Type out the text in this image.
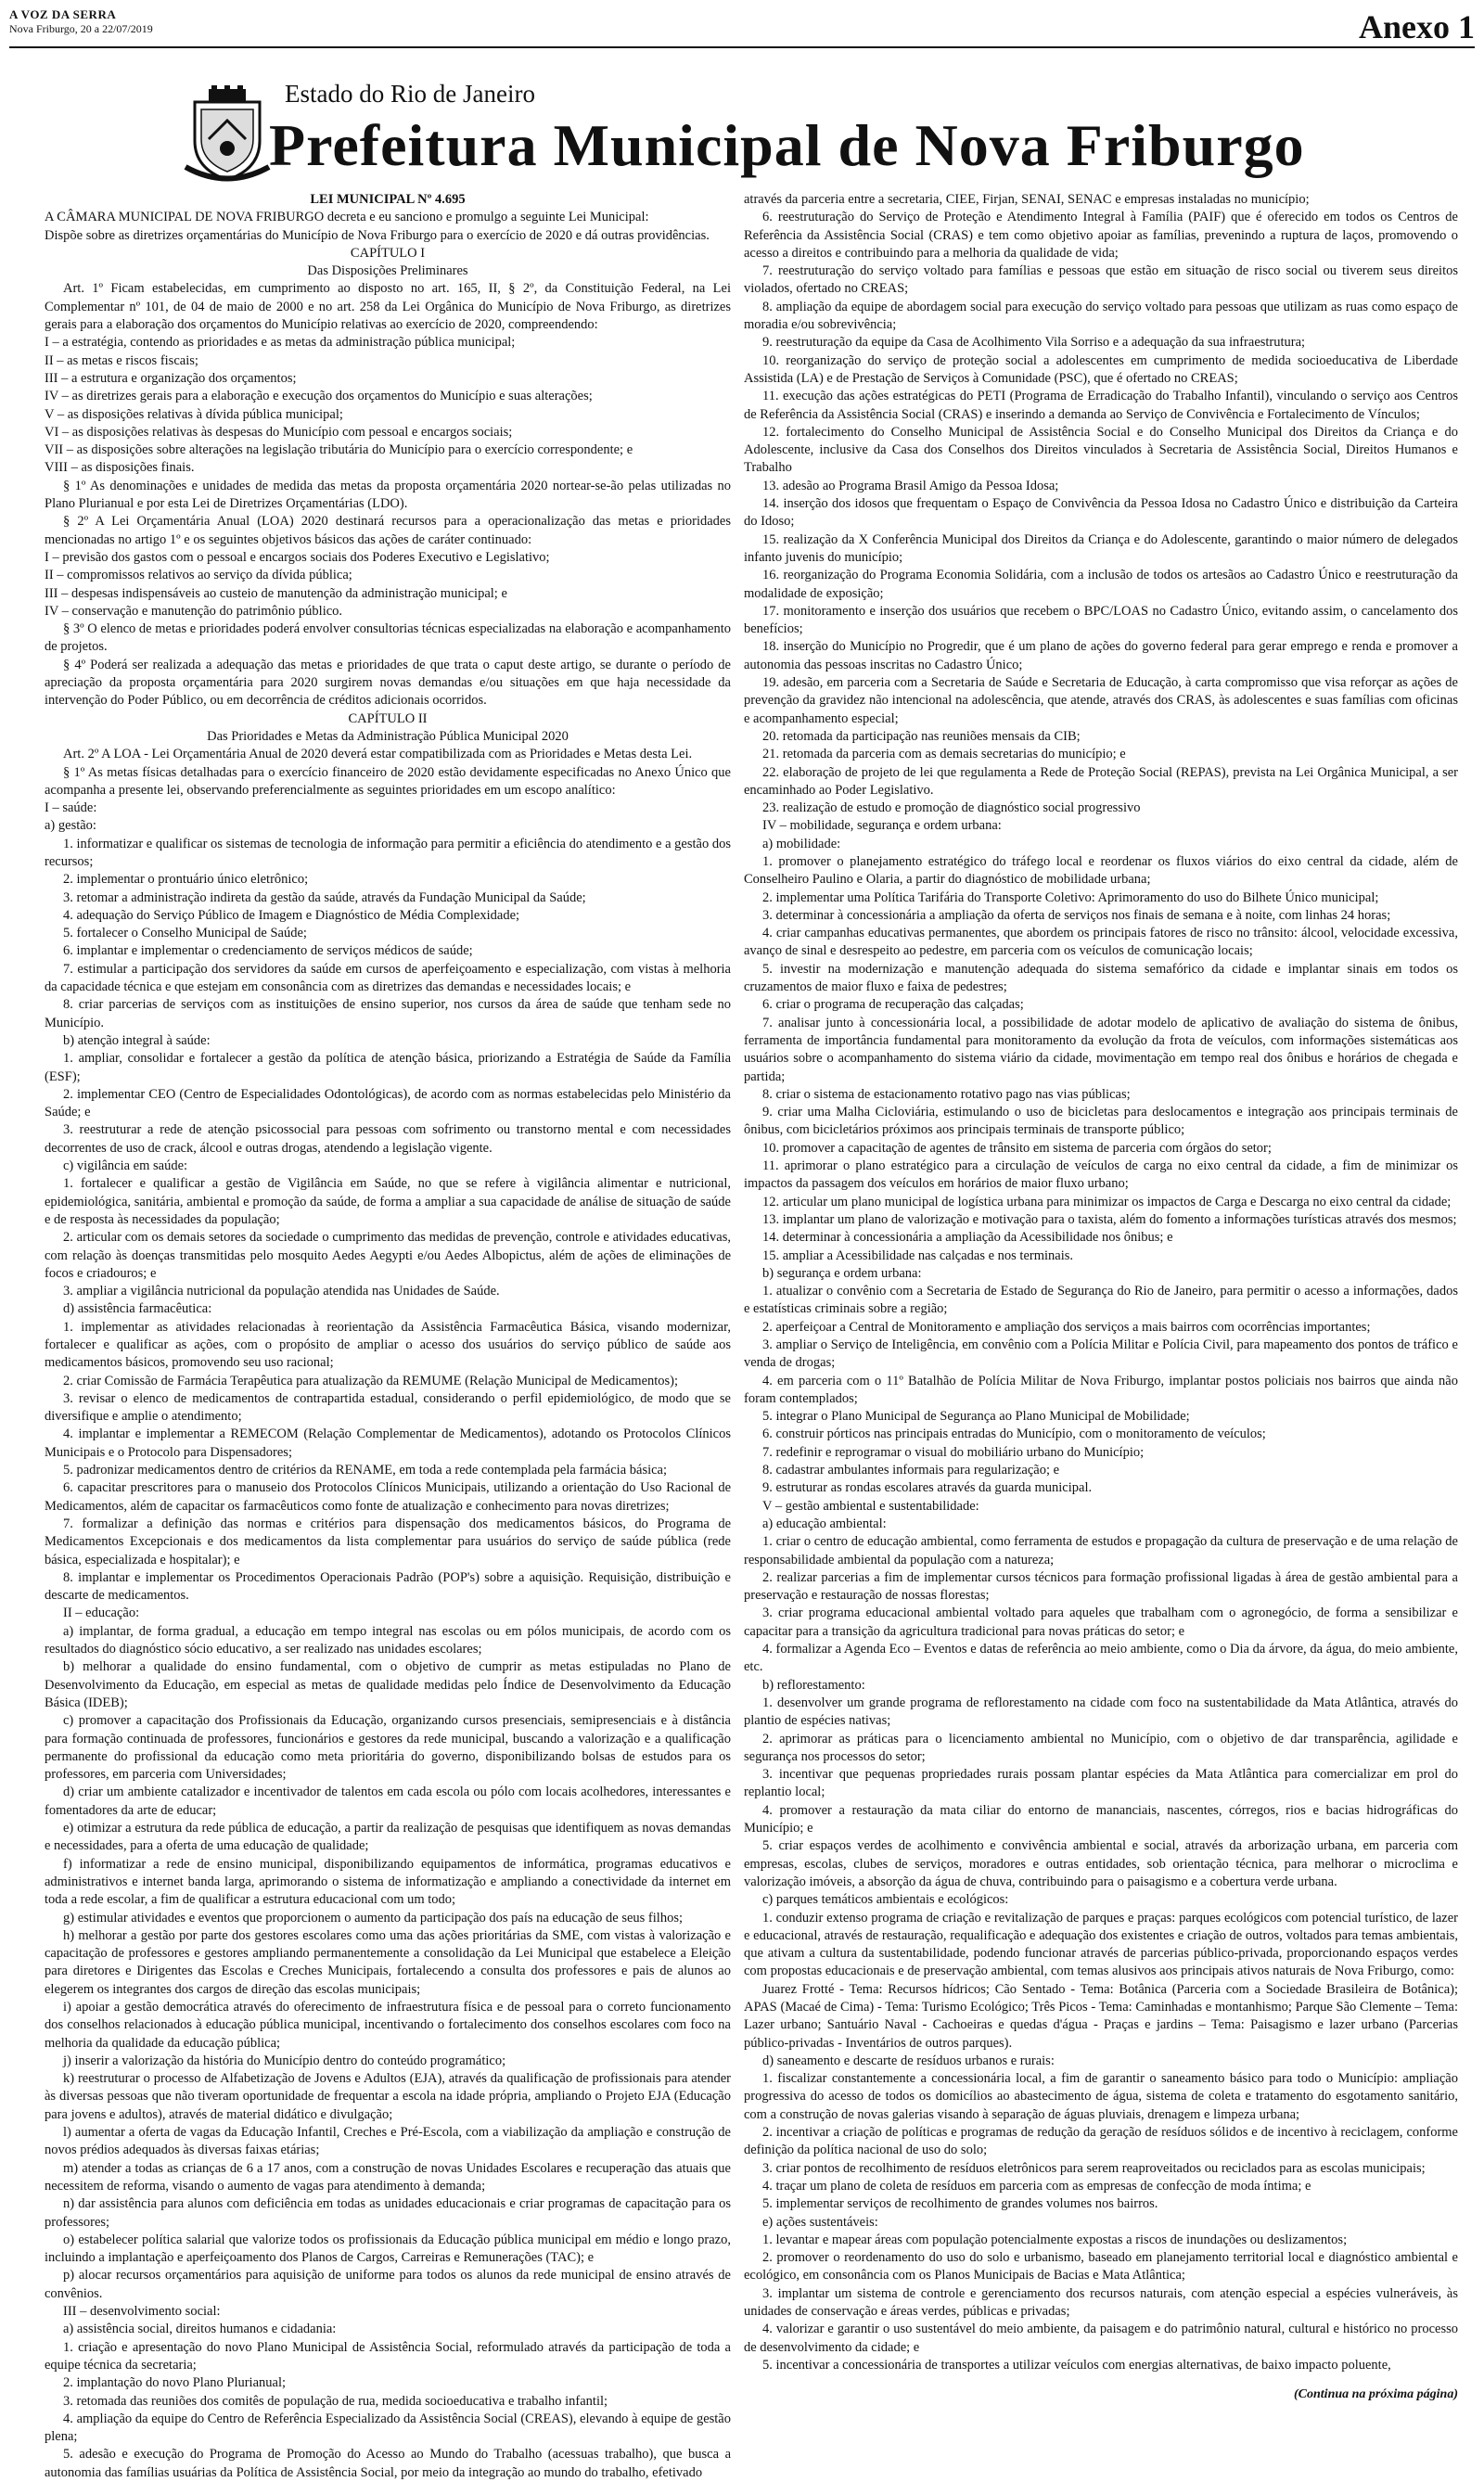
A VOZ DA SERRA
Nova Friburgo, 20 a 22/07/2019	Anexo 1
Estado do Rio de Janeiro
Prefeitura Municipal de Nova Friburgo

LEI MUNICIPAL Nº 4.695

A CÂMARA MUNICIPAL DE NOVA FRIBURGO decreta e eu sanciono e promulgo a seguinte Lei Municipal:

Dispõe sobre as diretrizes orçamentárias do Município de Nova Friburgo para o exercício de 2020 e dá outras providências.

CAPÍTULO I

Das Disposições Preliminares

Art. 1º Ficam estabelecidas, em cumprimento ao disposto no art. 165, II, § 2º, da Constituição Federal, na Lei Complementar nº 101, de 04 de maio de 2000 e no art. 258 da Lei Orgânica do Município de Nova Friburgo, as diretrizes gerais para a elaboração dos orçamentos do Município relativas ao exercício de 2020, compreendendo:

I – a estratégia, contendo as prioridades e as metas da administração pública municipal;

II – as metas e riscos fiscais;

III – a estrutura e organização dos orçamentos;

IV – as diretrizes gerais para a elaboração e execução dos orçamentos do Município e suas alterações;

V – as disposições relativas à dívida pública municipal;

VI – as disposições relativas às despesas do Município com pessoal e encargos sociais;

VII – as disposições sobre alterações na legislação tributária do Município para o exercício correspondente; e

VIII – as disposições finais.

§ 1º As denominações e unidades de medida das metas da proposta orçamentária 2020 nortear-se-ão pelas utilizadas no Plano Plurianual e por esta Lei de Diretrizes Orçamentárias (LDO).

§ 2º A Lei Orçamentária Anual (LOA) 2020 destinará recursos para a operacionalização das metas e prioridades mencionadas no artigo 1º e os seguintes objetivos básicos das ações de caráter continuado:

I – previsão dos gastos com o pessoal e encargos sociais dos Poderes Executivo e Legislativo;

II – compromissos relativos ao serviço da dívida pública;

III – despesas indispensáveis ao custeio de manutenção da administração municipal; e

IV – conservação e manutenção do patrimônio público.

§ 3º O elenco de metas e prioridades poderá envolver consultorias técnicas especializadas na elaboração e acompanhamento de projetos.

§ 4º Poderá ser realizada a adequação das metas e prioridades de que trata o caput deste artigo, se durante o período de apreciação da proposta orçamentária para 2020 surgirem novas demandas e/ou situações em que haja necessidade da intervenção do Poder Público, ou em decorrência de créditos adicionais ocorridos.

CAPÍTULO II

Das Prioridades e Metas da Administração Pública Municipal 2020

Art. 2º A LOA - Lei Orçamentária Anual de 2020 deverá estar compatibilizada com as Prioridades e Metas desta Lei.

§ 1º As metas físicas detalhadas para o exercício financeiro de 2020 estão devidamente especificadas no Anexo Único que acompanha a presente lei, observando preferencialmente as seguintes prioridades em um escopo analítico:

I – saúde:

a) gestão:

1. informatizar e qualificar os sistemas de tecnologia de informação para permitir a eficiência do atendimento e a gestão dos recursos;

2. implementar o prontuário único eletrônico;

3. retomar a administração indireta da gestão da saúde, através da Fundação Municipal da Saúde;

4. adequação do Serviço Público de Imagem e Diagnóstico de Média Complexidade;

5. fortalecer o Conselho Municipal de Saúde;

6. implantar e implementar o credenciamento de serviços médicos de saúde;

7. estimular a participação dos servidores da saúde em cursos de aperfeiçoamento e especialização, com vistas à melhoria da capacidade técnica e que estejam em consonância com as diretrizes das demandas e necessidades locais; e

8. criar parcerias de serviços com as instituições de ensino superior, nos cursos da área de saúde que tenham sede no Município.

b) atenção integral à saúde:

1. ampliar, consolidar e fortalecer a gestão da política de atenção básica, priorizando a Estratégia de Saúde da Família (ESF);

2. implementar CEO (Centro de Especialidades Odontológicas), de acordo com as normas estabelecidas pelo Ministério da Saúde; e

3. reestruturar a rede de atenção psicossocial para pessoas com sofrimento ou transtorno mental e com necessidades decorrentes de uso de crack, álcool e outras drogas, atendendo a legislação vigente.

c) vigilância em saúde:

1. fortalecer e qualificar a gestão de Vigilância em Saúde, no que se refere à vigilância alimentar e nutricional, epidemiológica, sanitária, ambiental e promoção da saúde, de forma a ampliar a sua capacidade de análise de situação de saúde e de resposta às necessidades da população;

2. articular com os demais setores da sociedade o cumprimento das medidas de prevenção, controle e atividades educativas, com relação às doenças transmitidas pelo mosquito Aedes Aegypti e/ou Aedes Albopictus, além de ações de eliminações de focos e criadouros; e

3. ampliar a vigilância nutricional da população atendida nas Unidades de Saúde.

d) assistência farmacêutica:

1. implementar as atividades relacionadas à reorientação da Assistência Farmacêutica Básica, visando modernizar, fortalecer e qualificar as ações, com o propósito de ampliar o acesso dos usuários do serviço público de saúde aos medicamentos básicos, promovendo seu uso racional;

2. criar Comissão de Farmácia Terapêutica para atualização da REMUME (Relação Municipal de Medicamentos);

3. revisar o elenco de medicamentos de contrapartida estadual, considerando o perfil epidemiológico, de modo que se diversifique e amplie o atendimento;

4. implantar e implementar a REMECOM (Relação Complementar de Medicamentos), adotando os Protocolos Clínicos Municipais e o Protocolo para Dispensadores;

5. padronizar medicamentos dentro de critérios da RENAME, em toda a rede contemplada pela farmácia básica;

6. capacitar prescritores para o manuseio dos Protocolos Clínicos Municipais, utilizando a orientação do Uso Racional de Medicamentos, além de capacitar os farmacêuticos como fonte de atualização e conhecimento para novas diretrizes;

7. formalizar a definição das normas e critérios para dispensação dos medicamentos básicos, do Programa de Medicamentos Excepcionais e dos medicamentos da lista complementar para usuários do serviço de saúde pública (rede básica, especializada e hospitalar); e

8. implantar e implementar os Procedimentos Operacionais Padrão (POP's) sobre a aquisição. Requisição, distribuição e descarte de medicamentos.

II – educação:

a) implantar, de forma gradual, a educação em tempo integral nas escolas ou em pólos municipais, de acordo com os resultados do diagnóstico sócio educativo, a ser realizado nas unidades escolares;

b) melhorar a qualidade do ensino fundamental, com o objetivo de cumprir as metas estipuladas no Plano de Desenvolvimento da Educação, em especial as metas de qualidade medidas pelo Índice de Desenvolvimento da Educação Básica (IDEB);

c) promover a capacitação dos Profissionais da Educação, organizando cursos presenciais, semipresenciais e à distância para formação continuada de professores, funcionários e gestores da rede municipal, buscando a valorização e a qualificação permanente do profissional da educação como meta prioritária do governo, disponibilizando bolsas de estudos para os professores, em parceria com Universidades;

d) criar um ambiente catalizador e incentivador de talentos em cada escola ou pólo com locais acolhedores, interessantes e fomentadores da arte de educar;

e) otimizar a estrutura da rede pública de educação, a partir da realização de pesquisas que identifiquem as novas demandas e necessidades, para a oferta de uma educação de qualidade;

f) informatizar a rede de ensino municipal, disponibilizando equipamentos de informática, programas educativos e administrativos e internet banda larga, aprimorando o sistema de informatização e ampliando a conectividade da internet em toda a rede escolar, a fim de qualificar a estrutura educacional com um todo;

g) estimular atividades e eventos que proporcionem o aumento da participação dos país na educação de seus filhos;

h) melhorar a gestão por parte dos gestores escolares como uma das ações prioritárias da SME, com vistas à valorização e capacitação de professores e gestores ampliando permanentemente a consolidação da Lei Municipal que estabelece a Eleição para diretores e Dirigentes das Escolas e Creches Municipais, fortalecendo a consulta dos professores e pais de alunos ao elegerem os integrantes dos cargos de direção das escolas municipais;

i) apoiar a gestão democrática através do oferecimento de infraestrutura física e de pessoal para o correto funcionamento dos conselhos relacionados à educação pública municipal, incentivando o fortalecimento dos conselhos escolares com foco na melhoria da qualidade da educação pública;

j) inserir a valorização da história do Município dentro do conteúdo programático;

k) reestruturar o processo de Alfabetização de Jovens e Adultos (EJA), através da qualificação de profissionais para atender às diversas pessoas que não tiveram oportunidade de frequentar a escola na idade própria, ampliando o Projeto EJA (Educação para jovens e adultos), através de material didático e divulgação;

l) aumentar a oferta de vagas da Educação Infantil, Creches e Pré-Escola, com a viabilização da ampliação e construção de novos prédios adequados às diversas faixas etárias;

m) atender a todas as crianças de 6 a 17 anos, com a construção de novas Unidades Escolares e recuperação das atuais que necessitem de reforma, visando o aumento de vagas para atendimento à demanda;

n) dar assistência para alunos com deficiência em todas as unidades educacionais e criar programas de capacitação para os professores;

o) estabelecer política salarial que valorize todos os profissionais da Educação pública municipal em médio e longo prazo, incluindo a implantação e aperfeiçoamento dos Planos de Cargos, Carreiras e Remunerações (TAC); e

p) alocar recursos orçamentários para aquisição de uniforme para todos os alunos da rede municipal de ensino através de convênios.

III – desenvolvimento social:

a) assistência social, direitos humanos e cidadania:

1. criação e apresentação do novo Plano Municipal de Assistência Social, reformulado através da participação de toda a equipe técnica da secretaria;

2. implantação do novo Plano Plurianual;

3. retomada das reuniões dos comitês de população de rua, medida socioeducativa e trabalho infantil;

4. ampliação da equipe do Centro de Referência Especializado da Assistência Social (CREAS), elevando à equipe de gestão plena;

5. adesão e execução do Programa de Promoção do Acesso ao Mundo do Trabalho (acessuas trabalho), que busca a autonomia das famílias usuárias da Política de Assistência Social, por meio da integração ao mundo do trabalho, efetivado

através da parceria entre a secretaria, CIEE, Firjan, SENAI, SENAC e empresas instaladas no município;

6. reestruturação do Serviço de Proteção e Atendimento Integral à Família (PAIF) que é oferecido em todos os Centros de Referência da Assistência Social (CRAS) e tem como objetivo apoiar as famílias, prevenindo a ruptura de laços, promovendo o acesso a direitos e contribuindo para a melhoria da qualidade de vida;

7. reestruturação do serviço voltado para famílias e pessoas que estão em situação de risco social ou tiverem seus direitos violados, ofertado no CREAS;

8. ampliação da equipe de abordagem social para execução do serviço voltado para pessoas que utilizam as ruas como espaço de moradia e/ou sobrevivência;

9. reestruturação da equipe da Casa de Acolhimento Vila Sorriso e a adequação da sua infraestrutura;

10. reorganização do serviço de proteção social a adolescentes em cumprimento de medida socioeducativa de Liberdade Assistida (LA) e de Prestação de Serviços à Comunidade (PSC), que é ofertado no CREAS;

11. execução das ações estratégicas do PETI (Programa de Erradicação do Trabalho Infantil), vinculando o serviço aos Centros de Referência da Assistência Social (CRAS) e inserindo a demanda ao Serviço de Convivência e Fortalecimento de Vínculos;

12. fortalecimento do Conselho Municipal de Assistência Social e do Conselho Municipal dos Direitos da Criança e do Adolescente, inclusive da Casa dos Conselhos dos Direitos vinculados à Secretaria de Assistência Social, Direitos Humanos e Trabalho

13. adesão ao Programa Brasil Amigo da Pessoa Idosa;

14. inserção dos idosos que frequentam o Espaço de Convivência da Pessoa Idosa no Cadastro Único e distribuição da Carteira do Idoso;

15. realização da X Conferência Municipal dos Direitos da Criança e do Adolescente, garantindo o maior número de delegados infanto juvenis do município;

16. reorganização do Programa Economia Solidária, com a inclusão de todos os artesãos ao Cadastro Único e reestruturação da modalidade de exposição;

17. monitoramento e inserção dos usuários que recebem o BPC/LOAS no Cadastro Único, evitando assim, o cancelamento dos benefícios;

18. inserção do Município no Progredir, que é um plano de ações do governo federal para gerar emprego e renda e promover a autonomia das pessoas inscritas no Cadastro Único;

19. adesão, em parceria com a Secretaria de Saúde e Secretaria de Educação, à carta compromisso que visa reforçar as ações de prevenção da gravidez não intencional na adolescência, que atende, através dos CRAS, às adolescentes e suas famílias com oficinas e acompanhamento especial;

20. retomada da participação nas reuniões mensais da CIB;

21. retomada da parceria com as demais secretarias do município; e

22. elaboração de projeto de lei que regulamenta a Rede de Proteção Social (REPAS), prevista na Lei Orgânica Municipal, a ser encaminhado ao Poder Legislativo.

23. realização de estudo e promoção de diagnóstico social progressivo

IV – mobilidade, segurança e ordem urbana:

a) mobilidade:

1. promover o planejamento estratégico do tráfego local e reordenar os fluxos viários do eixo central da cidade, além de Conselheiro Paulino e Olaria, a partir do diagnóstico de mobilidade urbana;

2. implementar uma Política Tarifária do Transporte Coletivo: Aprimoramento do uso do Bilhete Único municipal;

3. determinar à concessionária a ampliação da oferta de serviços nos finais de semana e à noite, com linhas 24 horas;

4. criar campanhas educativas permanentes, que abordem os principais fatores de risco no trânsito: álcool, velocidade excessiva, avanço de sinal e desrespeito ao pedestre, em parceria com os veículos de comunicação locais;

5. investir na modernização e manutenção adequada do sistema semafórico da cidade e implantar sinais em todos os cruzamentos de maior fluxo e faixa de pedestres;

6. criar o programa de recuperação das calçadas;

7. analisar junto à concessionária local, a possibilidade de adotar modelo de aplicativo de avaliação do sistema de ônibus, ferramenta de importância fundamental para monitoramento da evolução da frota de veículos, com informações sistemáticas aos usuários sobre o acompanhamento do sistema viário da cidade, movimentação em tempo real dos ônibus e horários de chegada e partida;

8. criar o sistema de estacionamento rotativo pago nas vias públicas;

9. criar uma Malha Cicloviária, estimulando o uso de bicicletas para deslocamentos e integração aos principais terminais de ônibus, com bicicletários próximos aos principais terminais de transporte público;

10. promover a capacitação de agentes de trânsito em sistema de parceria com órgãos do setor;

11. aprimorar o plano estratégico para a circulação de veículos de carga no eixo central da cidade, a fim de minimizar os impactos da passagem dos veículos em horários de maior fluxo urbano;

12. articular um plano municipal de logística urbana para minimizar os impactos de Carga e Descarga no eixo central da cidade;

13. implantar um plano de valorização e motivação para o taxista, além do fomento a informações turísticas através dos mesmos;

14. determinar à concessionária a ampliação da Acessibilidade nos ônibus; e

15. ampliar a Acessibilidade nas calçadas e nos terminais.

b) segurança e ordem urbana:

1. atualizar o convênio com a Secretaria de Estado de Segurança do Rio de Janeiro, para permitir o acesso a informações, dados e estatísticas criminais sobre a região;

2. aperfeiçoar a Central de Monitoramento e ampliação dos serviços a mais bairros com ocorrências importantes;

3. ampliar o Serviço de Inteligência, em convênio com a Polícia Militar e Polícia Civil, para mapeamento dos pontos de tráfico e venda de drogas;

4. em parceria com o 11º Batalhão de Polícia Militar de Nova Friburgo, implantar postos policiais nos bairros que ainda não foram contemplados;

5. integrar o Plano Municipal de Segurança ao Plano Municipal de Mobilidade;

6. construir pórticos nas principais entradas do Município, com o monitoramento de veículos;

7. redefinir e reprogramar o visual do mobiliário urbano do Município;

8. cadastrar ambulantes informais para regularização; e

9. estruturar as rondas escolares através da guarda municipal.

V – gestão ambiental e sustentabilidade:

a) educação ambiental:

1. criar o centro de educação ambiental, como ferramenta de estudos e propagação da cultura de preservação e de uma relação de responsabilidade ambiental da população com a natureza;

2. realizar parcerias a fim de implementar cursos técnicos para formação profissional ligadas à área de gestão ambiental para a preservação e restauração de nossas florestas;

3. criar programa educacional ambiental voltado para aqueles que trabalham com o agronegócio, de forma a sensibilizar e capacitar para a transição da agricultura tradicional para novas práticas do setor; e

4. formalizar a Agenda Eco – Eventos e datas de referência ao meio ambiente, como o Dia da árvore, da água, do meio ambiente, etc.

b) reflorestamento:

1. desenvolver um grande programa de reflorestamento na cidade com foco na sustentabilidade da Mata Atlântica, através do plantio de espécies nativas;

2. aprimorar as práticas para o licenciamento ambiental no Município, com o objetivo de dar transparência, agilidade e segurança nos processos do setor;

3. incentivar que pequenas propriedades rurais possam plantar espécies da Mata Atlântica para comercializar em prol do replantio local;

4. promover a restauração da mata ciliar do entorno de mananciais, nascentes, córregos, rios e bacias hidrográficas do Município; e

5. criar espaços verdes de acolhimento e convivência ambiental e social, através da arborização urbana, em parceria com empresas, escolas, clubes de serviços, moradores e outras entidades, sob orientação técnica, para melhorar o microclima e valorização imóveis, a absorção da água de chuva, contribuindo para o paisagismo e a cobertura verde urbana.

c) parques temáticos ambientais e ecológicos:

1. conduzir extenso programa de criação e revitalização de parques e praças: parques ecológicos com potencial turístico, de lazer e educacional, através de restauração, requalificação e adequação dos existentes e criação de outros, voltados para temas ambientais, que ativam a cultura da sustentabilidade, podendo funcionar através de parcerias público-privada, proporcionando espaços verdes com propostas educacionais e de preservação ambiental, com temas alusivos aos principais ativos naturais de Nova Friburgo, como:

Juarez Frotté - Tema: Recursos hídricos; Cão Sentado - Tema: Botânica (Parceria com a Sociedade Brasileira de Botânica); APAS (Macaé de Cima) - Tema: Turismo Ecológico; Três Picos - Tema: Caminhadas e montanhismo; Parque São Clemente – Tema: Lazer urbano; Santuário Naval - Cachoeiras e quedas d'água - Praças e jardins – Tema: Paisagismo e lazer urbano (Parcerias público-privadas - Inventários de outros parques).

d) saneamento e descarte de resíduos urbanos e rurais:

1. fiscalizar constantemente a concessionária local, a fim de garantir o saneamento básico para todo o Município: ampliação progressiva do acesso de todos os domicílios ao abastecimento de água, sistema de coleta e tratamento do esgotamento sanitário, com a construção de novas galerias visando à separação de águas pluviais, drenagem e limpeza urbana;

2. incentivar a criação de políticas e programas de redução da geração de resíduos sólidos e de incentivo à reciclagem, conforme definição da política nacional de uso do solo;

3. criar pontos de recolhimento de resíduos eletrônicos para serem reaproveitados ou reciclados para as escolas municipais;

4. traçar um plano de coleta de resíduos em parceria com as empresas de confecção de moda íntima; e

5. implementar serviços de recolhimento de grandes volumes nos bairros.

e) ações sustentáveis:

1. levantar e mapear áreas com população potencialmente expostas a riscos de inundações ou deslizamentos;

2. promover o reordenamento do uso do solo e urbanismo, baseado em planejamento territorial local e diagnóstico ambiental e ecológico, em consonância com os Planos Municipais de Bacias e Mata Atlântica;

3. implantar um sistema de controle e gerenciamento dos recursos naturais, com atenção especial a espécies vulneráveis, às unidades de conservação e áreas verdes, públicas e privadas;

4. valorizar e garantir o uso sustentável do meio ambiente, da paisagem e do patrimônio natural, cultural e histórico no processo de desenvolvimento da cidade; e

5. incentivar a concessionária de transportes a utilizar veículos com energias alternativas, de baixo impacto poluente,

(Continua na próxima página)
